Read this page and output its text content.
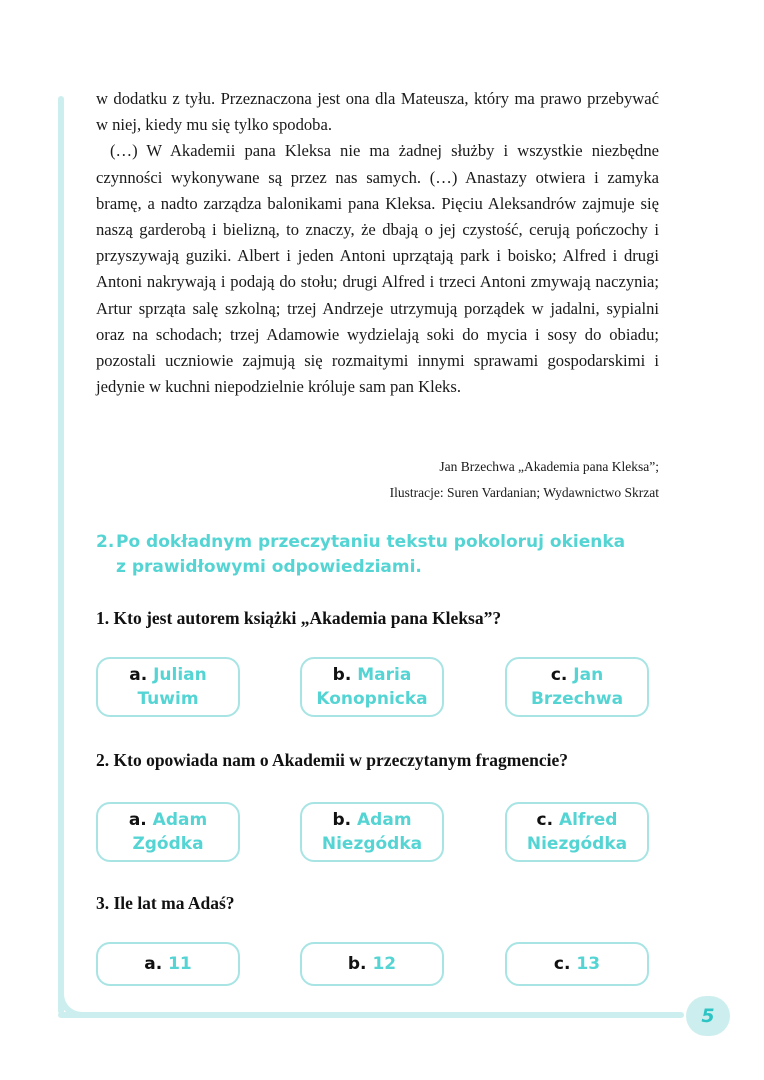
w dodatku z tyłu. Przeznaczona jest ona dla Mateusza, który ma prawo przebywać w niej, kiedy mu się tylko spodoba.

(…) W Akademii pana Kleksa nie ma żadnej służby i wszystkie niezbędne czynności wykonywane są przez nas samych. (…) Anastazy otwiera i zamyka bramę, a nadto zarządza balonikami pana Kleksa. Pięciu Aleksandrów zajmuje się naszą garderobą i bielizną, to znaczy, że dbają o jej czystość, cerują pończochy i przyszywają guziki. Albert i jeden Antoni uprzątają park i boisko; Alfred i drugi Antoni nakrywają i podają do stołu; drugi Alfred i trzeci Antoni zmywają naczynia; Artur sprząta salę szkolną; trzej Andrzeje utrzymują porządek w jadalni, sypialni oraz na schodach; trzej Adamowie wydzielają soki do mycia i sosy do obiadu; pozostali uczniowie zajmują się rozmaitymi innymi sprawami gospodarskimi i jedynie w kuchni niepodzielnie króluje sam pan Kleks.

Jan Brzechwa „Akademia pana Kleksa”;
Ilustracje: Suren Vardanian; Wydawnictwo Skrzat
2. Po dokładnym przeczytaniu tekstu pokoloruj okienka
z prawidłowymi odpowiedziami.
1. Kto jest autorem książki „Akademia pana Kleksa”?
a. Julian
Tuwim
b. Maria
Konopnicka
c. Jan
Brzechwa
2. Kto opowiada nam o Akademii w przeczytanym fragmencie?
a. Adam
Zgódka
b. Adam
Niezgódka
c. Alfred
Niezgódka
3. Ile lat ma Adaś?
a. 11	b. 12	c. 13
5
